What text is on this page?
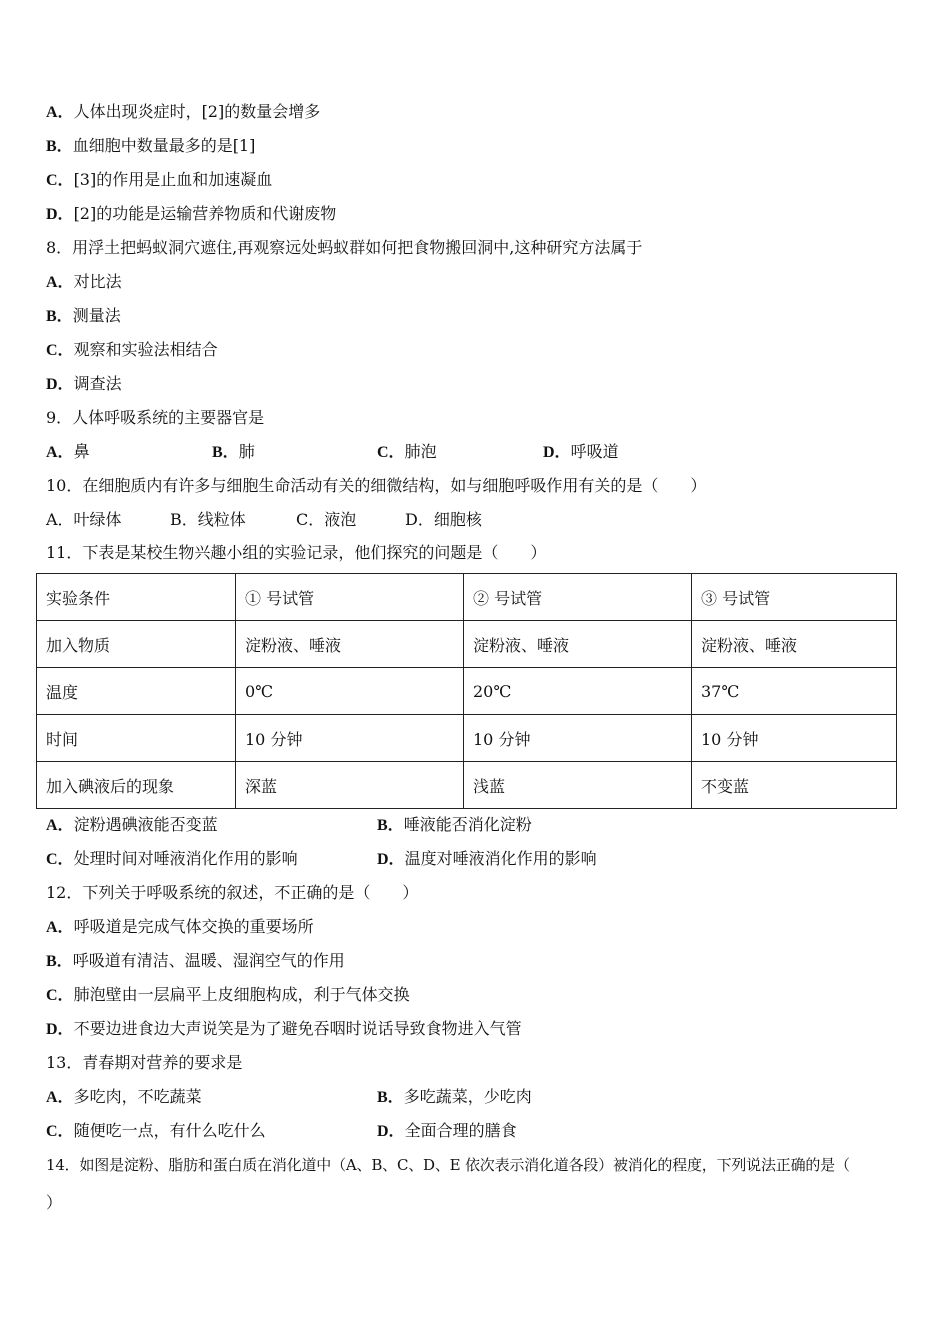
A．人体出现炎症时，[2]的数量会增多
B．血细胞中数量最多的是[1]
C．[3]的作用是止血和加速凝血
D．[2]的功能是运输营养物质和代谢废物
8．用浮土把蚂蚁洞穴遮住,再观察远处蚂蚁群如何把食物搬回洞中,这种研究方法属于
A．对比法
B．测量法
C．观察和实验法相结合
D．调查法
9．人体呼吸系统的主要器官是
A．鼻	B．肺	C．肺泡	D．呼吸道
10．在细胞质内有许多与细胞生命活动有关的细微结构，如与细胞呼吸作用有关的是（　　）
A．叶绿体	B．线粒体	C．液泡	D．细胞核
11．下表是某校生物兴趣小组的实验记录，他们探究的问题是（　　）
实验条件	① 号试管	② 号试管	③ 号试管
加入物质	淀粉液、唾液	淀粉液、唾液	淀粉液、唾液
温度	0℃	20℃	37℃
时间	10 分钟	10 分钟	10 分钟
加入碘液后的现象	深蓝	浅蓝	不变蓝
A．淀粉遇碘液能否变蓝	B．唾液能否消化淀粉
C．处理时间对唾液消化作用的影响	D．温度对唾液消化作用的影响
12．下列关于呼吸系统的叙述，不正确的是（　　）
A．呼吸道是完成气体交换的重要场所
B．呼吸道有清洁、温暖、湿润空气的作用
C．肺泡壁由一层扁平上皮细胞构成，利于气体交换
D．不要边进食边大声说笑是为了避免吞咽时说话导致食物进入气管
13．青春期对营养的要求是
A．多吃肉，不吃蔬菜	B．多吃蔬菜，少吃肉
C．随便吃一点，有什么吃什么	D．全面合理的膳食
14．如图是淀粉、脂肪和蛋白质在消化道中（A、B、C、D、E 依次表示消化道各段）被消化的程度，下列说法正确的是（
）
